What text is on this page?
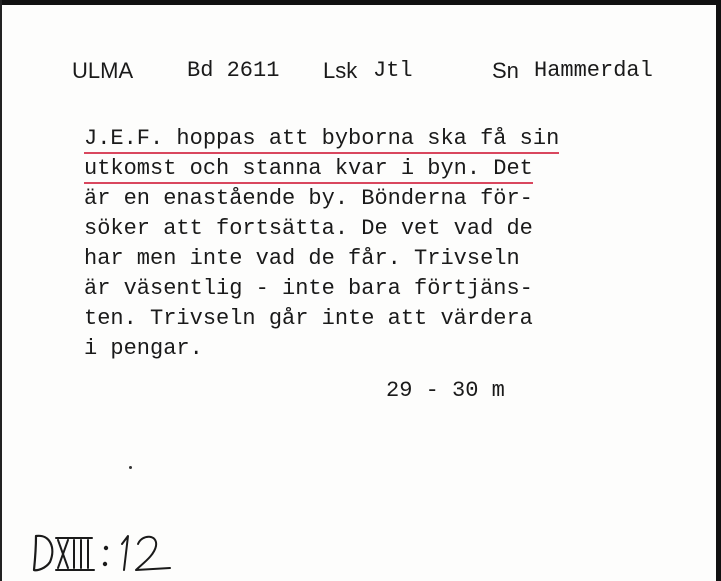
ULMA Bd 2611 Lsk Jtl	Sn Hammerdal
J.E.F. hoppas att byborna ska få sin
utkomst och stanna kvar i byn. Det
är en enastående by. Bönderna för-
söker att fortsätta. De vet vad de
har men inte vad de får. Trivseln
är väsentlig - inte bara förtjäns-
ten. Trivseln går inte att värdera
i pengar.
29 - 30 m
